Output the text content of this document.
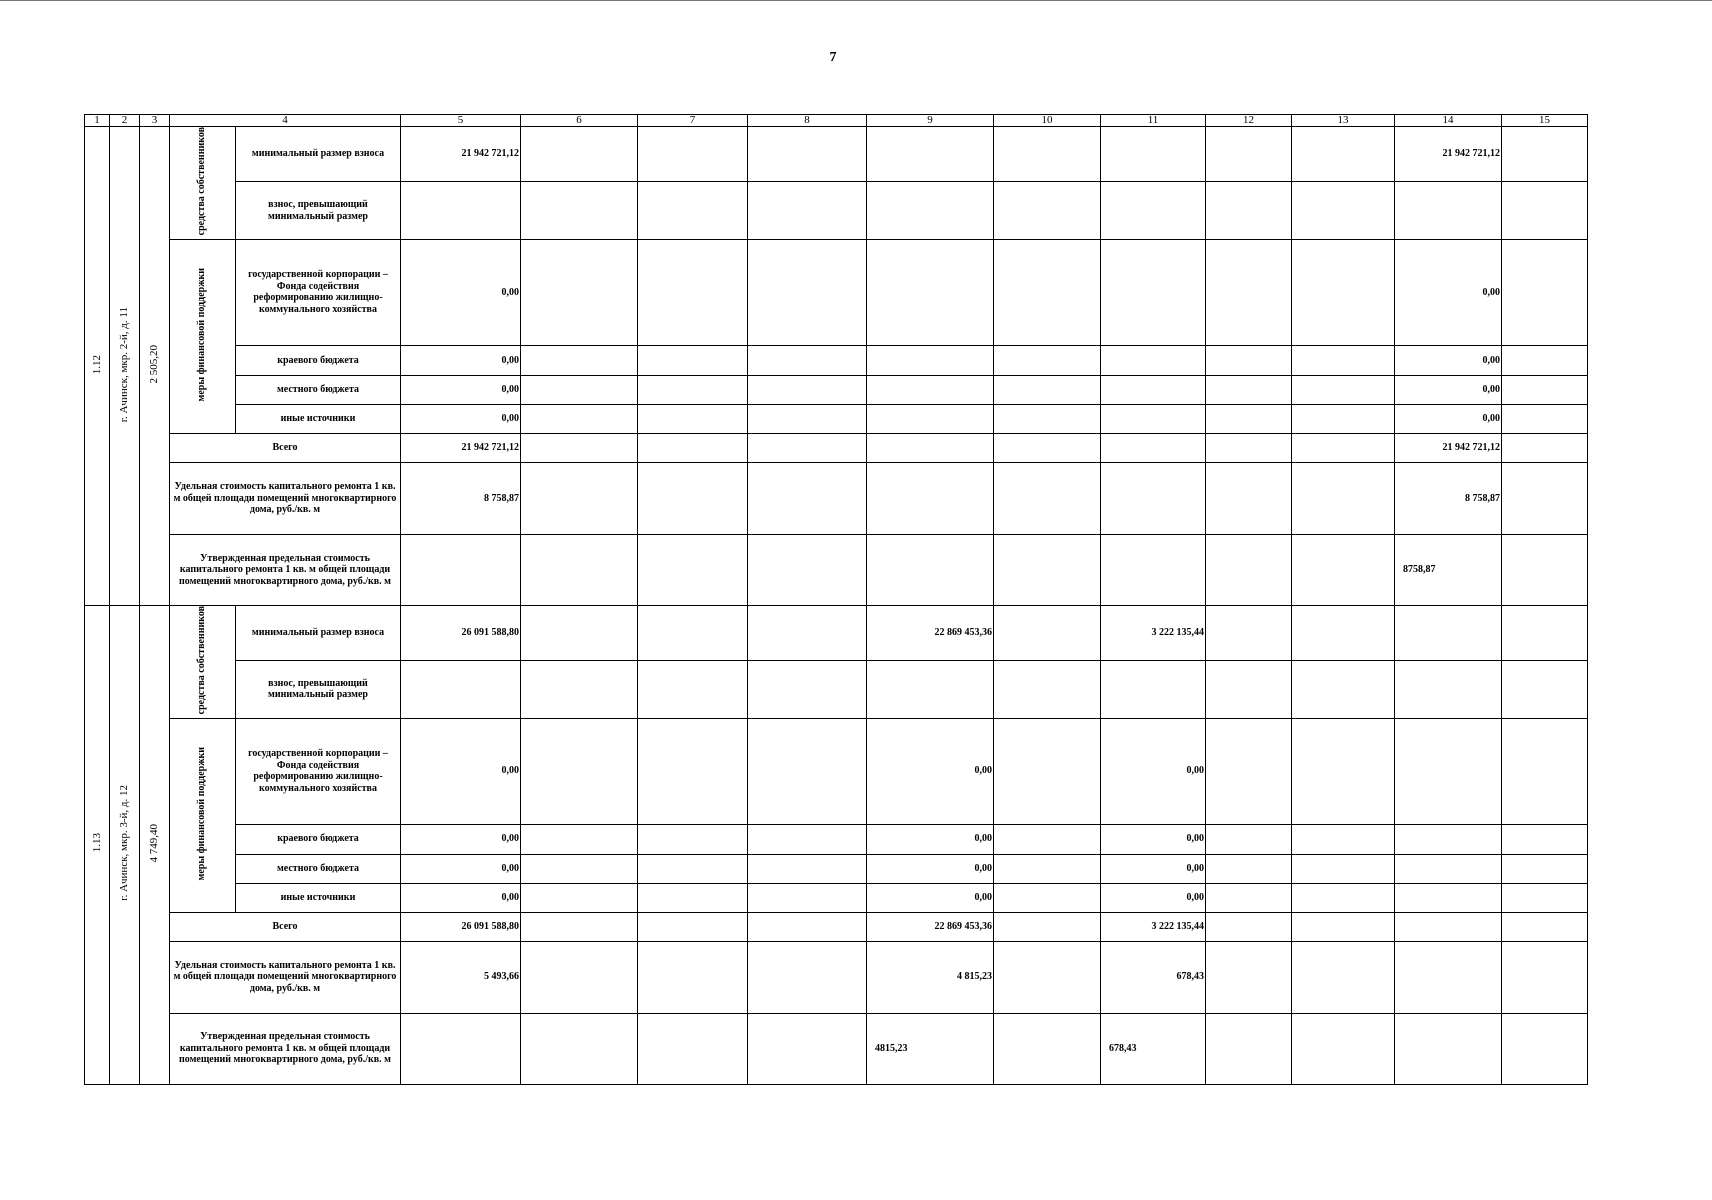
7
1	2	3	4		5	6	7	8	9	10	11	12	13	14	15
1.12	г. Ачинск, мкр. 2-й, д. 11	2 505,20	средства собственников	минимальный размер взноса	21 942 721,12									21 942 721,12	
				взнос, превышающий минимальный размер											
			меры финансовой поддержки	государственной корпорации – Фонда содействия реформированию жилищно-коммунального хозяйства	0,00									0,00	
				краевого бюджета	0,00									0,00	
				местного бюджета	0,00									0,00	
				иные источники	0,00									0,00	
			Всего		21 942 721,12									21 942 721,12	
			Удельная стоимость капитального ремонта 1 кв. м общей площади помещений многоквартирного дома, руб./кв. м		8 758,87									8 758,87	
			Утвержденная предельная стоимость капитального ремонта 1 кв. м общей площади помещений многоквартирного дома, руб./кв. м											8758,87	
1.13	г. Ачинск, мкр. 3-й, д. 12	4 749,40	средства собственников	минимальный размер взноса	26 091 588,80				22 869 453,36		3 222 135,44				
				взнос, превышающий минимальный размер											
			меры финансовой поддержки	государственной корпорации – Фонда содействия реформированию жилищно-коммунального хозяйства	0,00				0,00		0,00				
				краевого бюджета	0,00				0,00		0,00				
				местного бюджета	0,00				0,00		0,00				
				иные источники	0,00				0,00		0,00				
			Всего		26 091 588,80				22 869 453,36		3 222 135,44				
			Удельная стоимость капитального ремонта 1 кв. м общей площади помещений многоквартирного дома, руб./кв. м		5 493,66				4 815,23		678,43				
			Утвержденная предельная стоимость капитального ремонта 1 кв. м общей площади помещений многоквартирного дома, руб./кв. м						4815,23		678,43				
